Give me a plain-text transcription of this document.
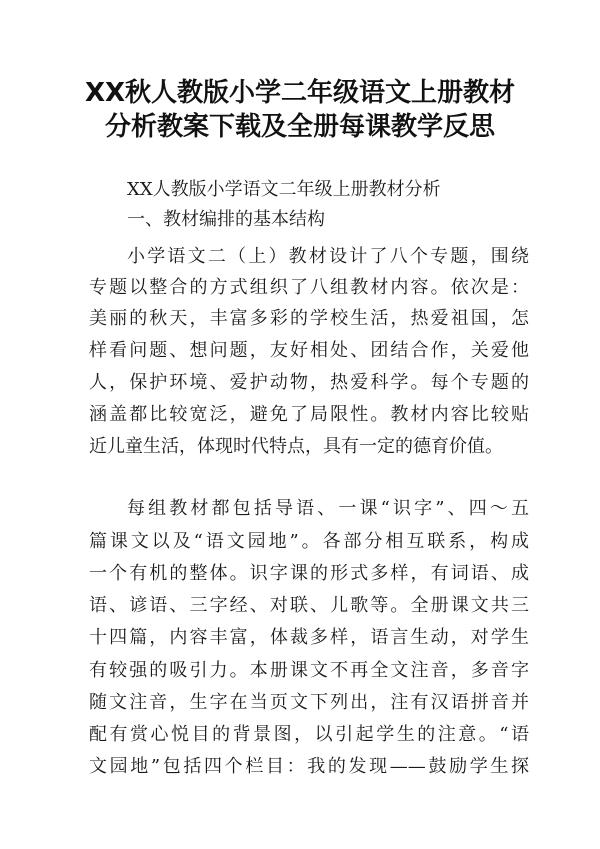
XX秋人教版小学二年级语文上册教材
分析教案下载及全册每课教学反思
XX人教版小学语文二年级上册教材分析
一、教材编排的基本结构
小学语文二（上）教材设计了八个专题，围绕
专题以整合的方式组织了八组教材内容。依次是：
美丽的秋天，丰富多彩的学校生活，热爱祖国，怎
样看问题、想问题，友好相处、团结合作，关爱他
人，保护环境、爱护动物，热爱科学。每个专题的
涵盖都比较宽泛，避免了局限性。教材内容比较贴
近儿童生活，体现时代特点，具有一定的德育价值。
每组教材都包括导语、一课“识字”、四～五
篇课文以及“语文园地”。各部分相互联系，构成
一个有机的整体。识字课的形式多样，有词语、成
语、谚语、三字经、对联、儿歌等。全册课文共三
十四篇，内容丰富，体裁多样，语言生动，对学生
有较强的吸引力。本册课文不再全文注音，多音字
随文注音，生字在当页文下列出，注有汉语拼音并
配有赏心悦目的背景图，以引起学生的注意。“语
文园地”包括四个栏目：我的发现——鼓励学生探
